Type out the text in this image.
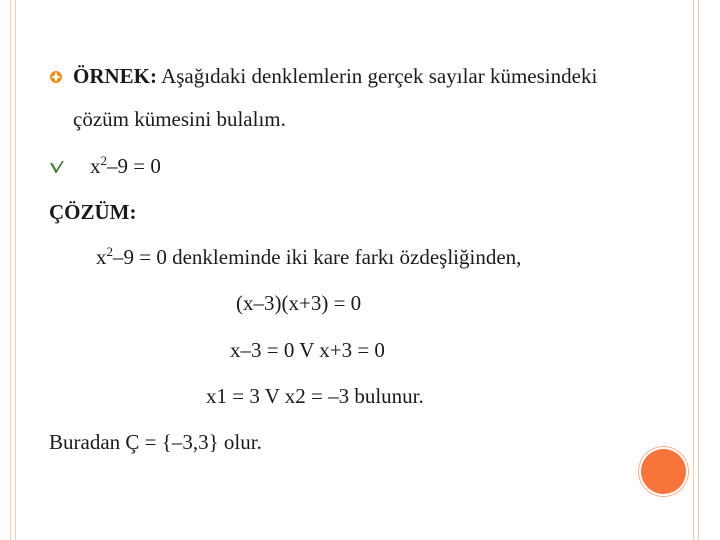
ÖRNEK: Aşağıdaki denklemlerin gerçek sayılar kümesindeki
çözüm kümesini bulalım.
$x^2-9 = 0$
ÇÖZÜM:
$x^2-9 = 0$ denkleminde iki kare farkı özdeşliğinden,
(x–3)(x+3) = 0
x–3 = 0 V x+3 = 0
x1 = 3 V x2 = –3 bulunur.
Buradan Ç = {–3,3} olur.
